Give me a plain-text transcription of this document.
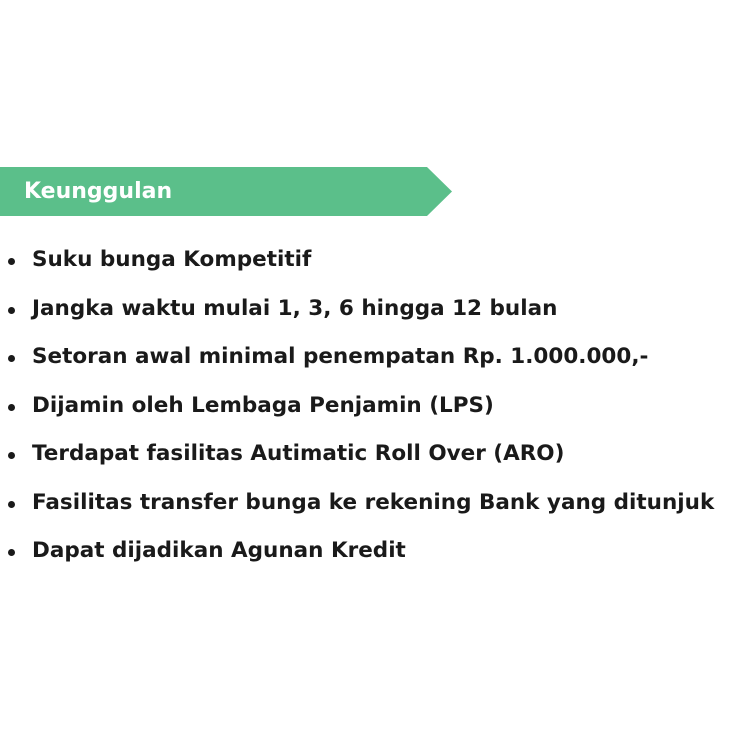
Keunggulan
Suku bunga Kompetitif
Jangka waktu mulai 1, 3, 6 hingga 12 bulan
Setoran awal minimal penempatan Rp. 1.000.000,-
Dijamin oleh Lembaga Penjamin (LPS)
Terdapat fasilitas Autimatic Roll Over (ARO)
Fasilitas transfer bunga ke rekening Bank yang ditunjuk
Dapat dijadikan Agunan Kredit
